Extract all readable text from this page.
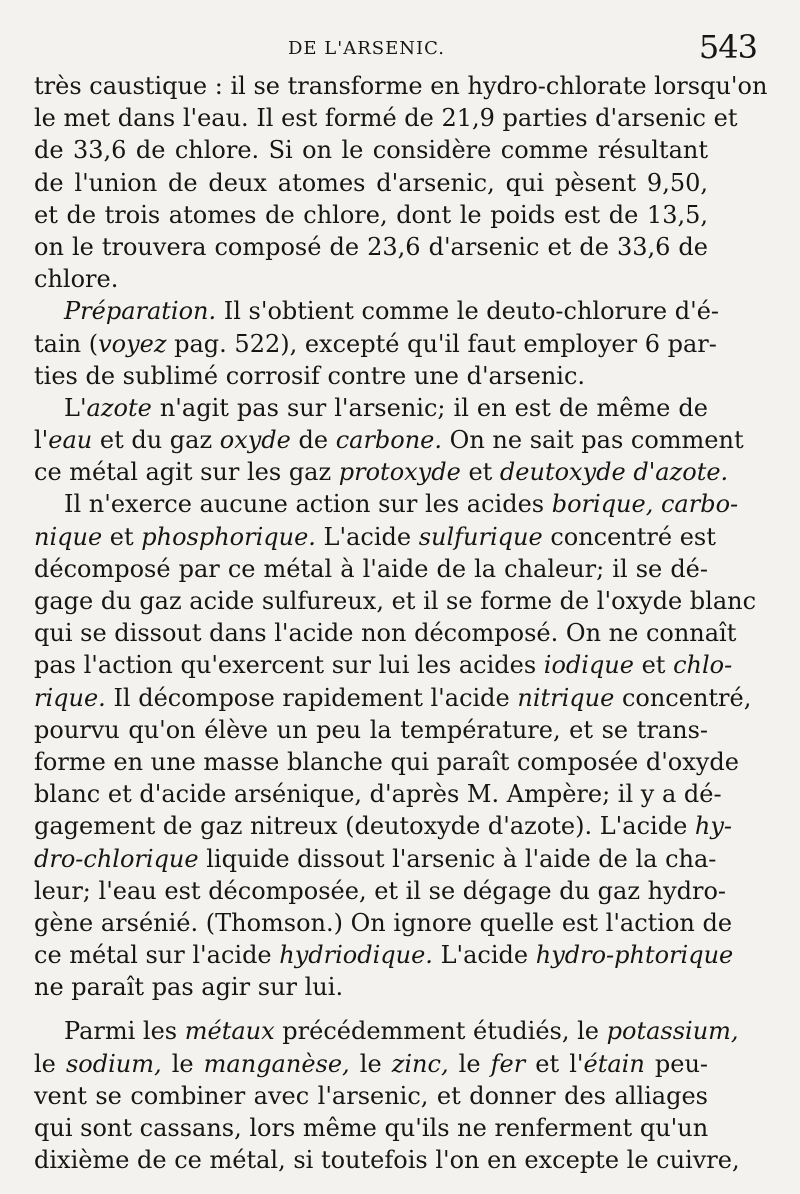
DE L'ARSENIC.	543
très caustique : il se transforme en hydro-chlorate lorsqu'on
le met dans l'eau. Il est formé de 21,9 parties d'arsenic et
de 33,6 de chlore. Si on le considère comme résultant
de l'union de deux atomes d'arsenic, qui pèsent 9,50,
et de trois atomes de chlore, dont le poids est de 13,5,
on le trouvera composé de 23,6 d'arsenic et de 33,6 de
chlore.
Préparation. Il s'obtient comme le deuto-chlorure d'é-
tain (voyez pag. 522), excepté qu'il faut employer 6 par-
ties de sublimé corrosif contre une d'arsenic.
L'azote n'agit pas sur l'arsenic; il en est de même de
l'eau et du gaz oxyde de carbone. On ne sait pas comment
ce métal agit sur les gaz protoxyde et deutoxyde d'azote.
Il n'exerce aucune action sur les acides borique, carbo-
nique et phosphorique. L'acide sulfurique concentré est
décomposé par ce métal à l'aide de la chaleur; il se dé-
gage du gaz acide sulfureux, et il se forme de l'oxyde blanc
qui se dissout dans l'acide non décomposé. On ne connaît
pas l'action qu'exercent sur lui les acides iodique et chlo-
rique. Il décompose rapidement l'acide nitrique concentré,
pourvu qu'on élève un peu la température, et se trans-
forme en une masse blanche qui paraît composée d'oxyde
blanc et d'acide arsénique, d'après M. Ampère; il y a dé-
gagement de gaz nitreux (deutoxyde d'azote). L'acide hy-
dro-chlorique liquide dissout l'arsenic à l'aide de la cha-
leur; l'eau est décomposée, et il se dégage du gaz hydro-
gène arsénié. (Thomson.) On ignore quelle est l'action de
ce métal sur l'acide hydriodique. L'acide hydro-phtorique
ne paraît pas agir sur lui.
Parmi les métaux précédemment étudiés, le potassium,
le sodium, le manganèse, le zinc, le fer et l'étain peu-
vent se combiner avec l'arsenic, et donner des alliages
qui sont cassans, lors même qu'ils ne renferment qu'un
dixième de ce métal, si toutefois l'on en excepte le cuivre,
